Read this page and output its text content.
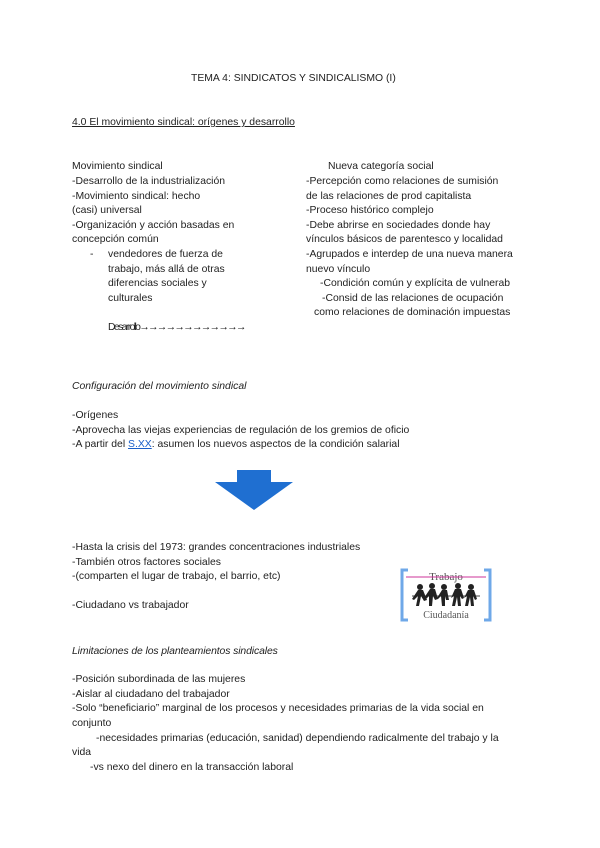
TEMA 4: SINDICATOS Y SINDICALISMO (I)
4.0 El movimiento sindical: orígenes y desarrollo
Movimiento sindical
-Desarrollo de la industrialización
-Movimiento sindical: hecho
(casi) universal
-Organización y acción basadas en
concepción común
- vendedores de fuerza de
trabajo, más allá de otras
diferencias sociales y
culturales
Desarrollo→→→→→→→→→→→→
Nueva categoría social
-Percepción como relaciones de sumisión
de las relaciones de prod capitalista
-Proceso histórico complejo
-Debe abrirse en sociedades donde hay
vínculos básicos de parentesco y localidad
-Agrupados e interdep de una nueva manera
nuevo vínculo
-Condición común y explícita de vulnerab
-Consid de las relaciones de ocupación
como relaciones de dominación impuestas
Configuración del movimiento sindical
-Orígenes
-Aprovecha las viejas experiencias de regulación de los gremios de oficio
-A partir del S.XX: asumen los nuevos aspectos de la condición salarial
-Hasta la crisis del 1973: grandes concentraciones industriales
-También otros factores sociales
-(comparten el lugar de trabajo, el barrio, etc)
-Ciudadano vs trabajador
Trabajo
Ciudadanía
Limitaciones de los planteamientos sindicales
-Posición subordinada de las mujeres
-Aislar al ciudadano del trabajador
-Solo “beneficiario” marginal de los procesos y necesidades primarias de la vida social en
conjunto
-necesidades primarias (educación, sanidad) dependiendo radicalmente del trabajo y la
vida
-vs nexo del dinero en la transacción laboral
